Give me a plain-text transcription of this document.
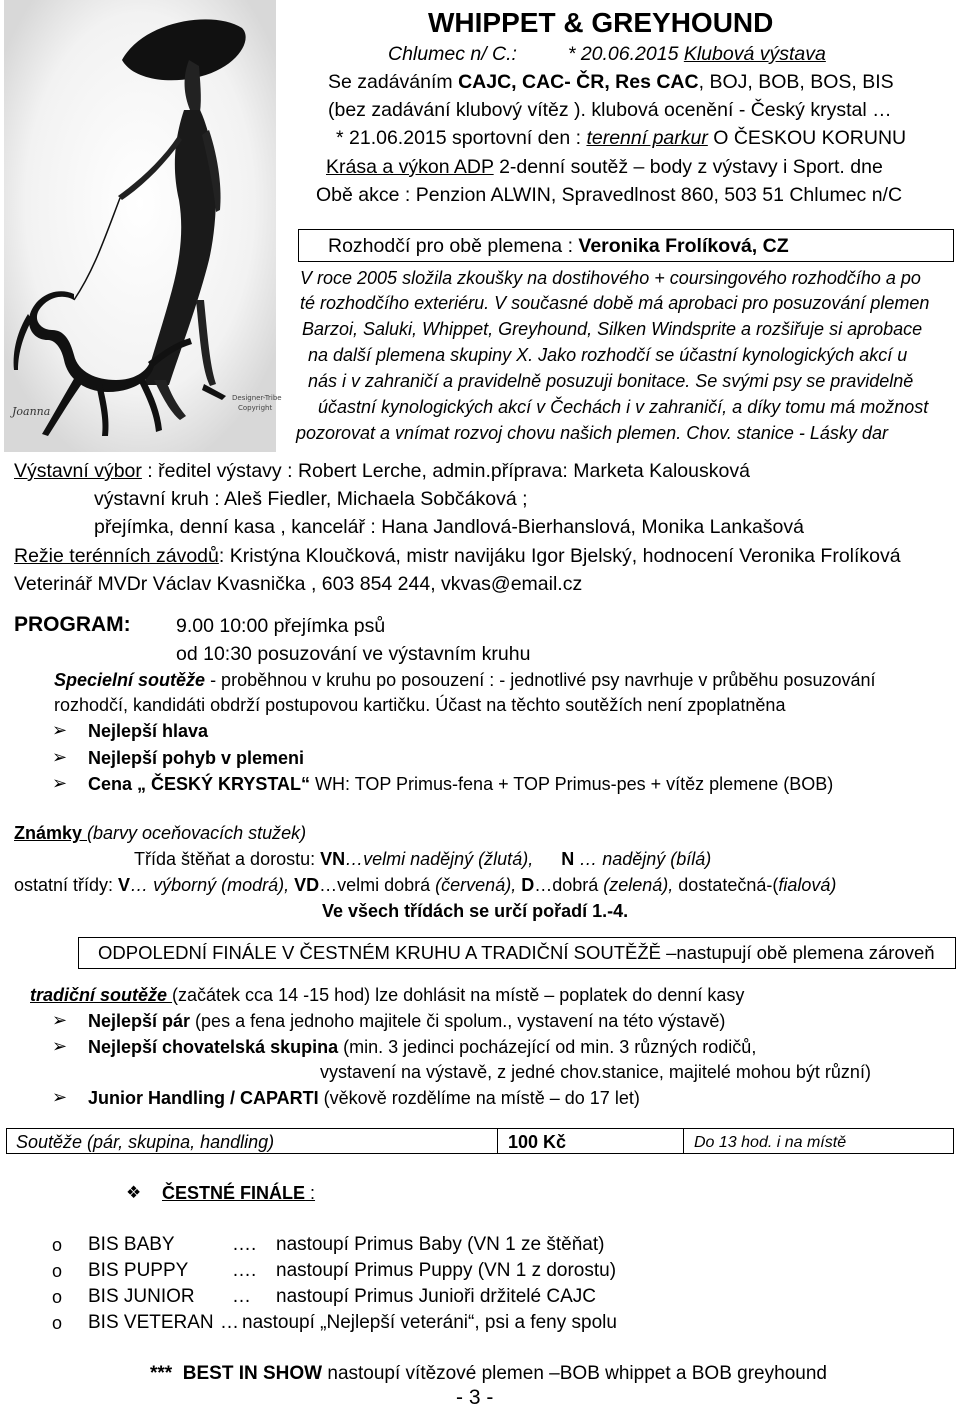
Joanna
Designer-Tribe
Copyright
WHIPPET & GREYHOUND
Chlumec n/ C.:	* 20.06.2015 Klubová výstava
Se zadáváním CAJC, CAC- ČR, Res CAC, BOJ, BOB, BOS, BIS
(bez zadávání klubový vítěz ). klubová ocenění - Český krystal …
* 21.06.2015 sportovní den : terenní parkur O ČESKOU KORUNU
Krása a výkon ADP 2-denní soutěž – body z výstavy i Sport. dne
Obě akce : Penzion ALWIN, Spravedlnost 860, 503 51 Chlumec n/C
Rozhodčí pro obě plemena : Veronika Frolíková, CZ
V roce 2005 složila zkoušky na dostihového + coursingového rozhodčího a po
té rozhodčího exteriéru. V současné době má aprobaci pro posuzování plemen
Barzoi, Saluki, Whippet, Greyhound, Silken Windsprite a rozšiřuje si aprobace
na další plemena skupiny X. Jako rozhodčí se účastní kynologických akcí u
nás i v zahraničí a pravidelně posuzuji bonitace. Se svými psy se pravidelně
účastní kynologických akcí v Čechách i v zahraničí, a díky tomu má možnost
pozorovat a vnímat rozvoj chovu našich plemen. Chov. stanice - Lásky dar
Výstavní výbor : ředitel výstavy : Robert Lerche, admin.příprava: Marketa Kalousková
výstavní kruh : Aleš Fiedler, Michaela Sobčáková ;
přejímka, denní kasa , kancelář : Hana Jandlová-Bierhanslová, Monika Lankašová
Režie terénních závodů: Kristýna Kloučková, mistr navijáku Igor Bjelský, hodnocení Veronika Frolíková
Veterinář MVDr Václav Kvasnička , 603 854 244, vkvas@email.cz
PROGRAM: 9.00 10:00 přejímka psů
od 10:30 posuzování ve výstavním kruhu
Specielní soutěže - proběhnou v kruhu po posouzení : - jednotlivé psy navrhuje v průběhu posuzování
rozhodčí, kandidáti obdrží postupovou kartičku. Účast na těchto soutěžích není zpoplatněna
➢ Nejlepší hlava
➢ Nejlepší pohyb v plemeni
➢ Cena „ ČESKÝ KRYSTAL“ WH: TOP Primus-fena + TOP Primus-pes + vítěz plemene (BOB)
Známky (barvy oceňovacích stužek)
Třída štěňat a dorostu: VN…velmi nadějný (žlutá), N … nadějný (bílá)
ostatní třídy: V… výborný (modrá), VD…velmi dobrá (červená), D…dobrá (zelená), dostatečná-(fialová)
Ve všech třídách se určí pořadí 1.-4.
ODPOLEDNÍ FINÁLE V ČESTNÉM KRUHU A TRADIČNÍ SOUTĚŽĚ –nastupují obě plemena zároveň
tradiční soutěže (začátek cca 14 -15 hod) lze dohlásit na místě – poplatek do denní kasy
➢ Nejlepší pár (pes a fena jednoho majitele či spolum., vystavení na této výstavě)
➢ Nejlepší chovatelská skupina (min. 3 jedinci pocházející od min. 3 různých rodičů,
vystavení na výstavě, z jedné chov.stanice, majitelé mohou být různí)
➢ Junior Handling / CAPARTI (věkově rozdělíme na místě – do 17 let)
Soutěže (pár, skupina, handling)	100 Kč	Do 13 hod. i na místě
❖ ČESTNÉ FINÁLE :
o BIS BABY	…. nastoupí Primus Baby (VN 1 ze štěňat)
o BIS PUPPY …. nastoupí Primus Puppy (VN 1 z dorostu)
o BIS JUNIOR … nastoupí Primus Junioři držitelé CAJC
o BIS VETERAN … nastoupí „Nejlepší veteráni“, psi a feny spolu
*** BEST IN SHOW nastoupí vítězové plemen –BOB whippet a BOB greyhound
- 3 -
